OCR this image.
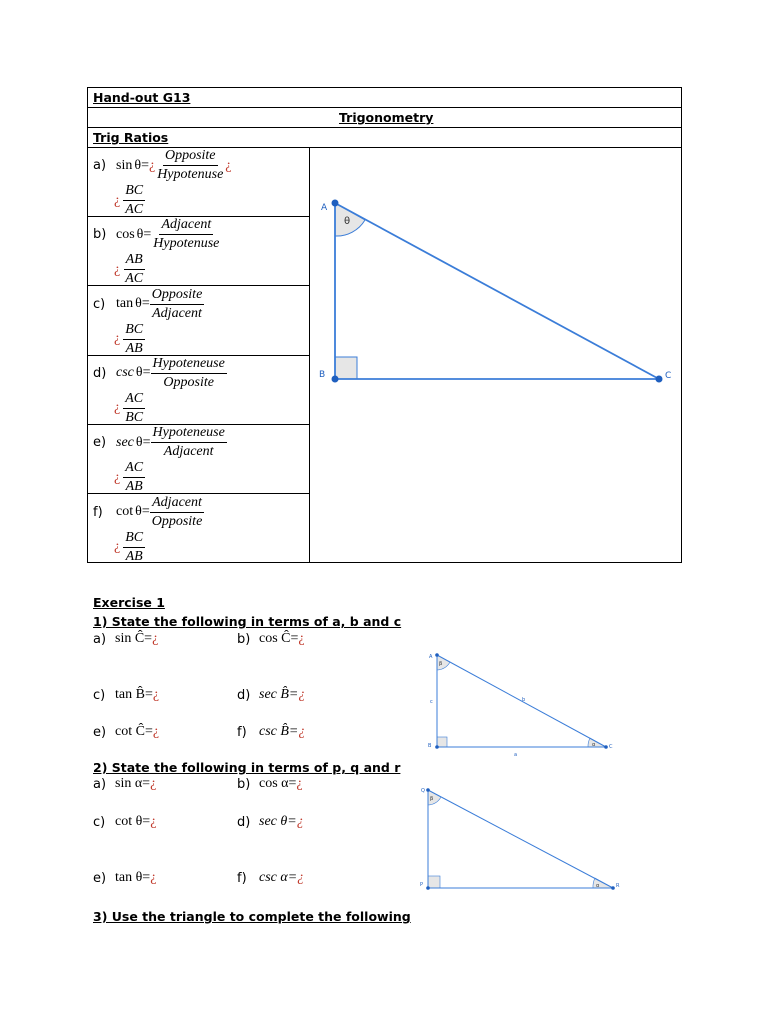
Hand-out G13
Trigonometry
Trig Ratios
a) sin θ = ¿ $\frac{\text{Opposite}}{\text{Hypotenuse}}$ ¿
¿ $\frac{BC}{AC}$
b) $\cos \theta = \frac{\text{Adjacent}}{\text{Hypotenuse}}$
¿ $\frac{AB}{AC}$
c) $\tan \theta = \frac{\text{Opposite}}{\text{Adjacent}}$
¿ $\frac{BC}{AB}$
d) $\csc \theta = \frac{\text{Hypoteneuse}}{\text{Opposite}}$
¿ $\frac{AC}{BC}$
e) $\sec \theta = \frac{\text{Hypoteneuse}}{\text{Adjacent}}$
¿ $\frac{AC}{AB}$
f) $\cot \theta = \frac{\text{Adjacent}}{\text{Opposite}}$
¿ $\frac{BC}{AB}$
A
B	C
θ
Exercise 1
1) State the following in terms of a, b and c
a) sin Ĉ=¿	b) cos Ĉ=¿
c) tan B̂=¿	d) sec B̂=¿
e) cot Ĉ=¿	f) csc B̂=¿
A
B	C
a
b
c
β
α
2) State the following in terms of p, q and r
a) sin α=¿	b) cos α=¿
c) cot θ=¿	d) sec θ=¿
e) tan θ=¿	f) csc α=¿
Q
P	R
β
α
3) Use the triangle to complete the following
